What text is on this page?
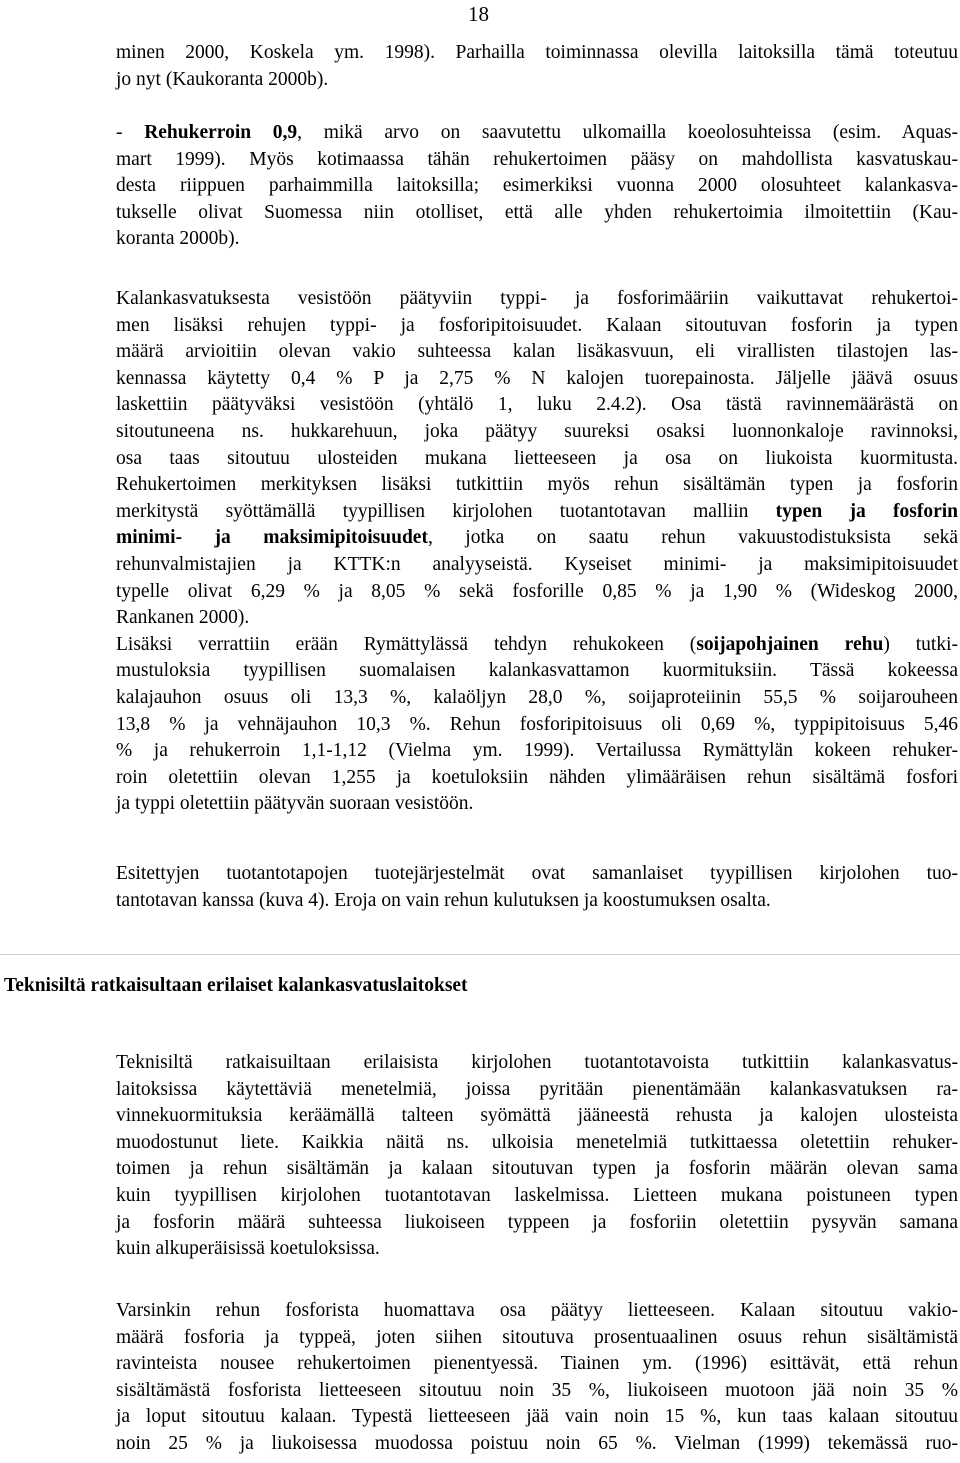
18
minen 2000, Koskela ym. 1998). Parhailla toiminnassa olevilla laitoksilla tämä toteutuu
jo nyt (Kaukoranta 2000b).
- Rehukerroin 0,9, mikä arvo on saavutettu ulkomailla koeolosuhteissa (esim. Aquas-
mart 1999). Myös kotimaassa tähän rehukertoimen pääsy on mahdollista kasvatuskau-
desta riippuen parhaimmilla laitoksilla; esimerkiksi vuonna 2000 olosuhteet kalankasva-
tukselle olivat Suomessa niin otolliset, että alle yhden rehukertoimia ilmoitettiin (Kau-
koranta 2000b).
Kalankasvatuksesta vesistöön päätyviin typpi- ja fosforimääriin vaikuttavat rehukertoi-
men lisäksi rehujen typpi- ja fosforipitoisuudet. Kalaan sitoutuvan fosforin ja typen
määrä arvioitiin olevan vakio suhteessa kalan lisäkasvuun, eli virallisten tilastojen las-
kennassa käytetty 0,4 % P ja 2,75 % N kalojen tuorepainosta. Jäljelle jäävä osuus
laskettiin päätyväksi vesistöön (yhtälö 1, luku 2.4.2). Osa tästä ravinnemäärästä on
sitoutuneena ns. hukkarehuun, joka päätyy suureksi osaksi luonnonkaloje ravinnoksi,
osa taas sitoutuu ulosteiden mukana lietteeseen ja osa on liukoista kuormitusta.
Rehukertoimen merkityksen lisäksi tutkittiin myös rehun sisältämän typen ja fosforin
merkitystä syöttämällä tyypillisen kirjolohen tuotantotavan malliin typen ja fosforin
minimi- ja maksimipitoisuudet, jotka on saatu rehun vakuustodistuksista sekä
rehunvalmistajien ja KTTK:n analyyseistä. Kyseiset minimi- ja maksimipitoisuudet
typelle olivat 6,29 % ja 8,05 % sekä fosforille 0,85 % ja 1,90 % (Wideskog 2000,
Rankanen 2000).
Lisäksi verrattiin erään Rymättylässä tehdyn rehukokeen (soijapohjainen rehu) tutki-
mustuloksia tyypillisen suomalaisen kalankasvattamon kuormituksiin. Tässä kokeessa
kalajauhon osuus oli 13,3 %, kalaöljyn 28,0 %, soijaproteiinin 55,5 % soijarouheen
13,8 % ja vehnäjauhon 10,3 %. Rehun fosforipitoisuus oli 0,69 %, typpipitoisuus 5,46
% ja rehukerroin 1,1-1,12 (Vielma ym. 1999). Vertailussa Rymättylän kokeen rehuker-
roin oletettiin olevan 1,255 ja koetuloksiin nähden ylimääräisen rehun sisältämä fosfori
ja typpi oletettiin päätyvän suoraan vesistöön.
Esitettyjen tuotantotapojen tuotejärjestelmät ovat samanlaiset tyypillisen kirjolohen tuo-
tantotavan kanssa (kuva 4). Eroja on vain rehun kulutuksen ja koostumuksen osalta.
Teknisiltä ratkaisultaan erilaiset kalankasvatuslaitokset
Teknisiltä ratkaisuiltaan erilaisista kirjolohen tuotantotavoista tutkittiin kalankasvatus-
laitoksissa käytettäviä menetelmiä, joissa pyritään pienentämään kalankasvatuksen ra-
vinnekuormituksia keräämällä talteen syömättä jääneestä rehusta ja kalojen ulosteista
muodostunut liete. Kaikkia näitä ns. ulkoisia menetelmiä tutkittaessa oletettiin rehuker-
toimen ja rehun sisältämän ja kalaan sitoutuvan typen ja fosforin määrän olevan sama
kuin tyypillisen kirjolohen tuotantotavan laskelmissa. Lietteen mukana poistuneen typen
ja fosforin määrä suhteessa liukoiseen typpeen ja fosforiin oletettiin pysyvän samana
kuin alkuperäisissä koetuloksissa.
Varsinkin rehun fosforista huomattava osa päätyy lietteeseen. Kalaan sitoutuu vakio-
määrä fosforia ja typpeä, joten siihen sitoutuva prosentuaalinen osuus rehun sisältämistä
ravinteista nousee rehukertoimen pienentyessä. Tiainen ym. (1996) esittävät, että rehun
sisältämästä fosforista lietteeseen sitoutuu noin 35 %, liukoiseen muotoon jää noin 35 %
ja loput sitoutuu kalaan. Typestä lietteeseen jää vain noin 15 %, kun taas kalaan sitoutuu
noin 25 % ja liukoisessa muodossa poistuu noin 65 %. Vielman (1999) tekemässä ruo-
